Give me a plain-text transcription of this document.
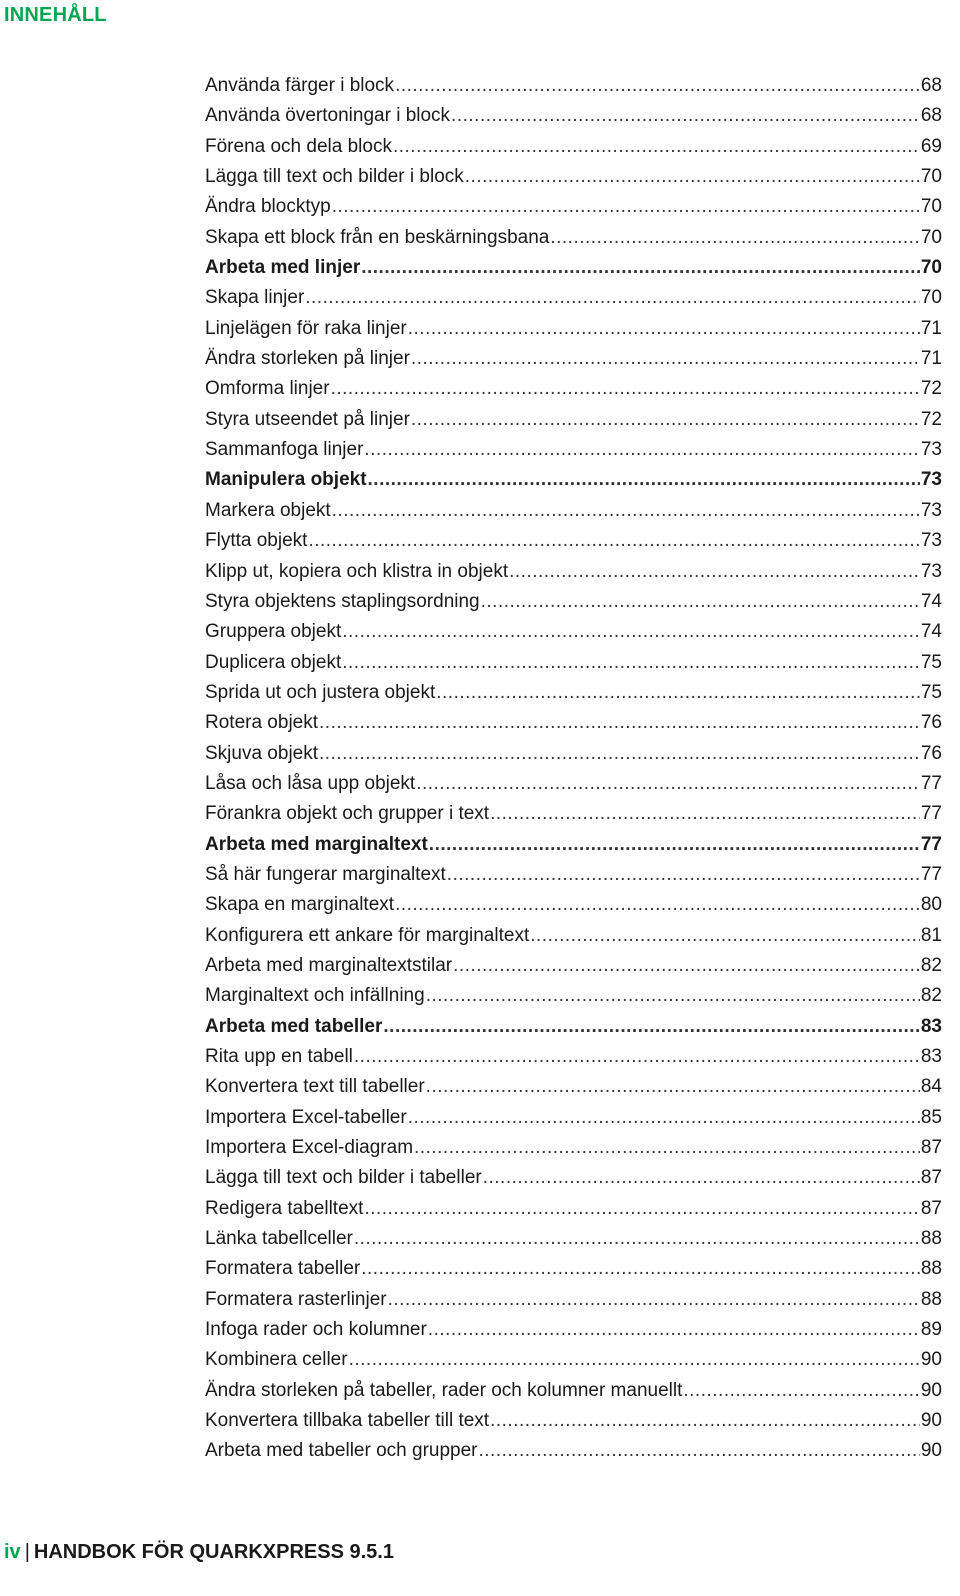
INNEHÅLL
Använda färger i block .....	68
Använda övertoningar i block .....	68
Förena och dela block .....	69
Lägga till text och bilder i block .....	70
Ändra blocktyp .....	70
Skapa ett block från en beskärningsbana .....	70
Arbeta med linjer .....	70
Skapa linjer .....	70
Linjelägen för raka linjer .....	71
Ändra storleken på linjer .....	71
Omforma linjer .....	72
Styra utseendet på linjer .....	72
Sammanfoga linjer .....	73
Manipulera objekt .....	73
Markera objekt .....	73
Flytta objekt .....	73
Klipp ut, kopiera och klistra in objekt .....	73
Styra objektens staplingsordning .....	74
Gruppera objekt .....	74
Duplicera objekt .....	75
Sprida ut och justera objekt .....	75
Rotera objekt .....	76
Skjuva objekt .....	76
Låsa och låsa upp objekt .....	77
Förankra objekt och grupper i text .....	77
Arbeta med marginaltext .....	77
Så här fungerar marginaltext .....	77
Skapa en marginaltext .....	80
Konfigurera ett ankare för marginaltext .....	81
Arbeta med marginaltextstilar .....	82
Marginaltext och infällning .....	82
Arbeta med tabeller .....	83
Rita upp en tabell .....	83
Konvertera text till tabeller .....	84
Importera Excel-tabeller .....	85
Importera Excel-diagram .....	87
Lägga till text och bilder i tabeller .....	87
Redigera tabelltext .....	87
Länka tabellceller .....	88
Formatera tabeller .....	88
Formatera rasterlinjer .....	88
Infoga rader och kolumner .....	89
Kombinera celler .....	90
Ändra storleken på tabeller, rader och kolumner manuellt .....	90
Konvertera tillbaka tabeller till text .....	90
Arbeta med tabeller och grupper .....	90
iv | HANDBOK FÖR QUARKXPRESS 9.5.1
